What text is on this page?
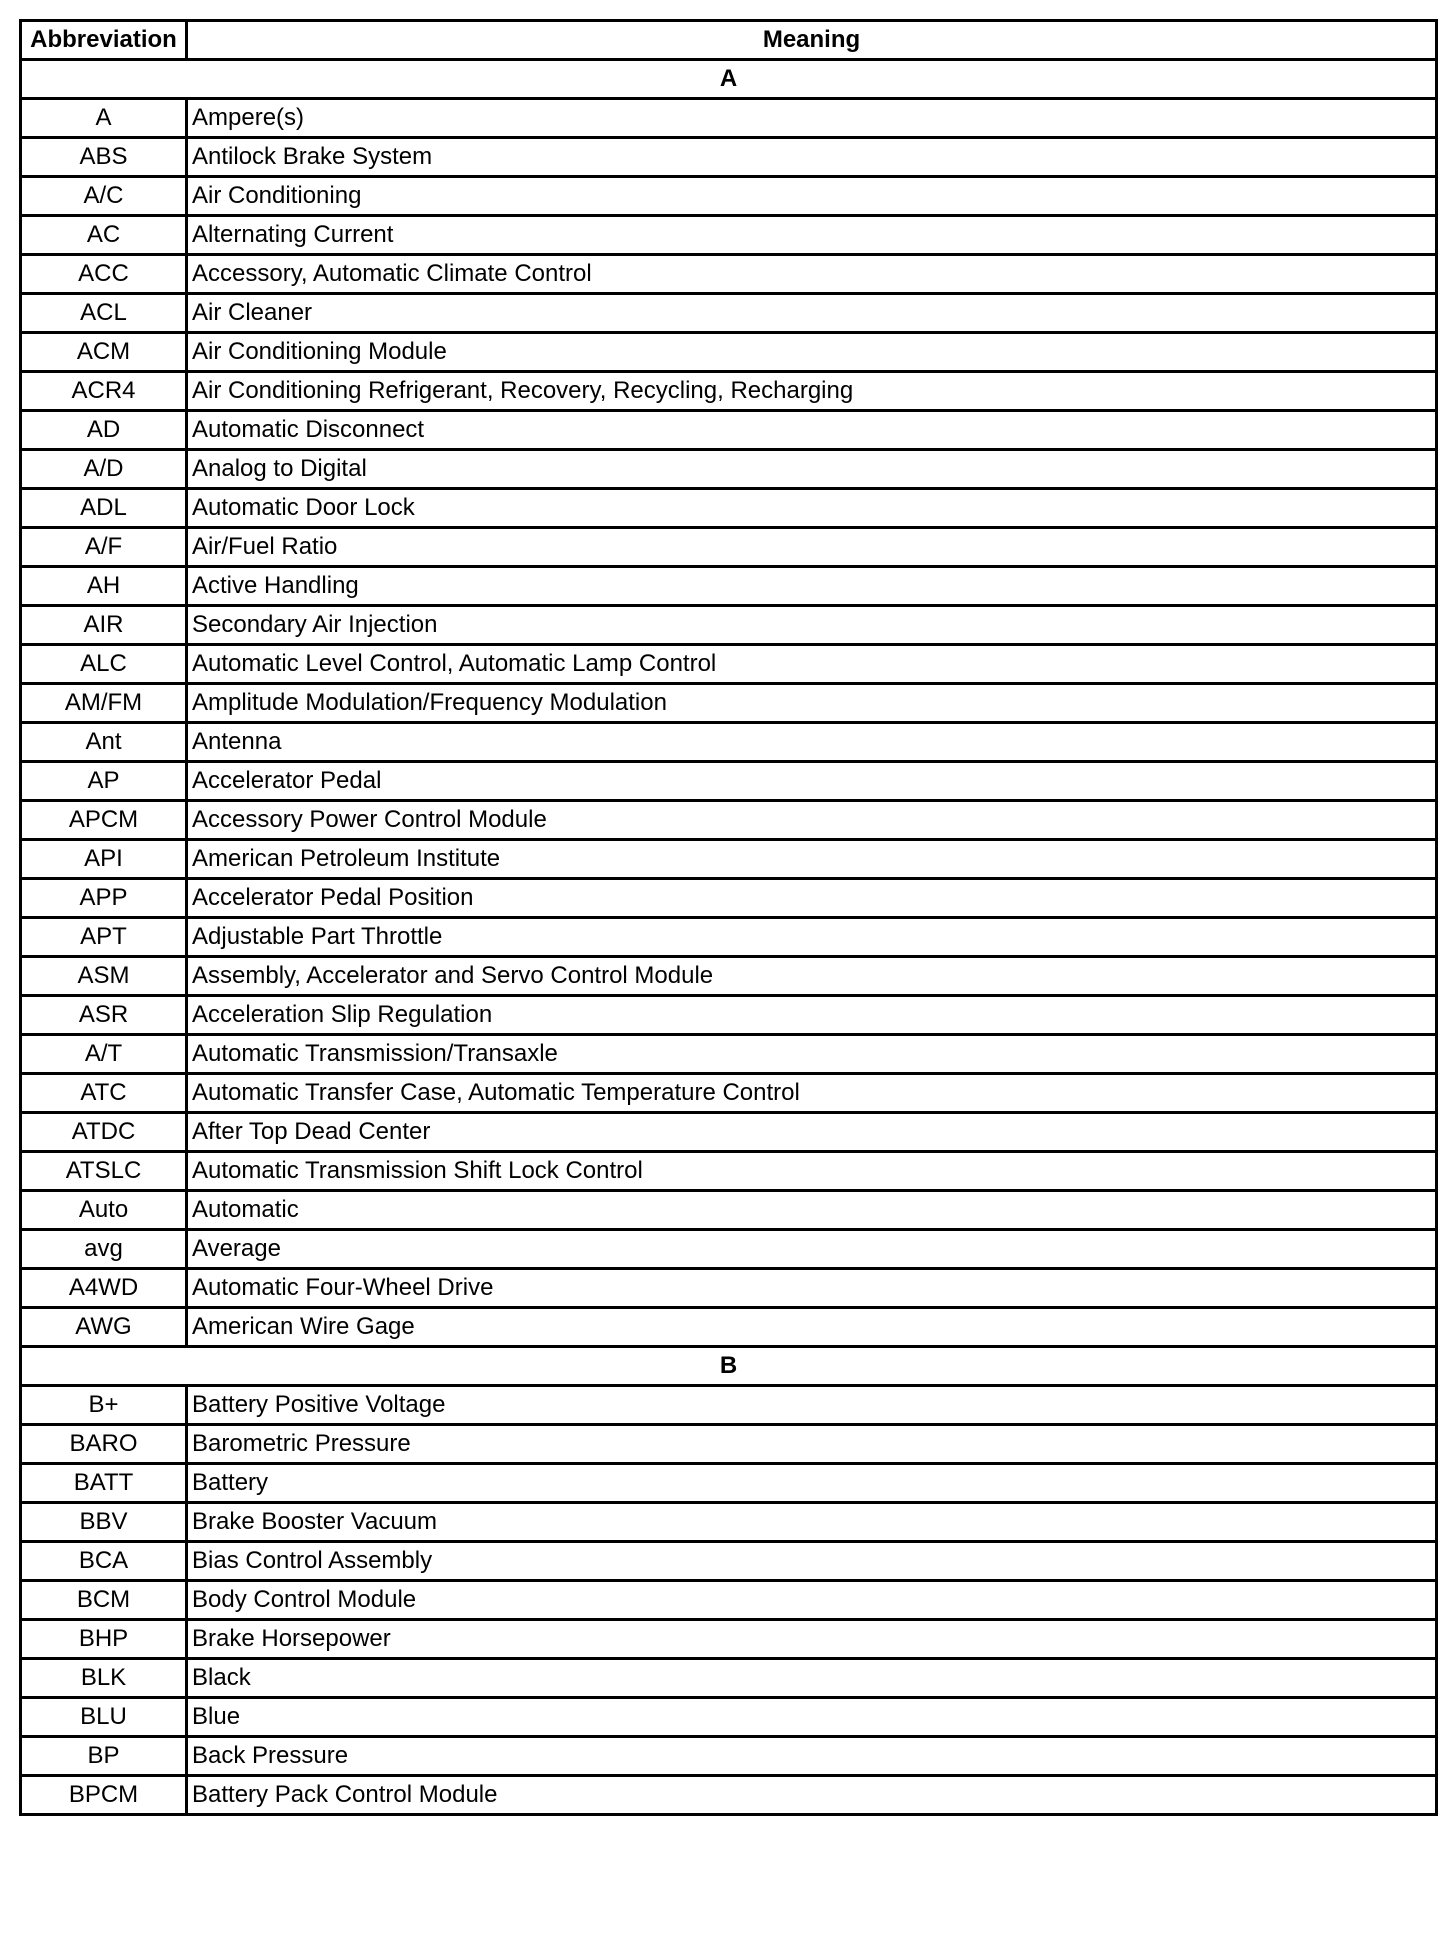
Abbreviation	Meaning
A	
A	Ampere(s)
ABS	Antilock Brake System
A/C	Air Conditioning
AC	Alternating Current
ACC	Accessory, Automatic Climate Control
ACL	Air Cleaner
ACM	Air Conditioning Module
ACR4	Air Conditioning Refrigerant, Recovery, Recycling, Recharging
AD	Automatic Disconnect
A/D	Analog to Digital
ADL	Automatic Door Lock
A/F	Air/Fuel Ratio
AH	Active Handling
AIR	Secondary Air Injection
ALC	Automatic Level Control, Automatic Lamp Control
AM/FM	Amplitude Modulation/Frequency Modulation
Ant	Antenna
AP	Accelerator Pedal
APCM	Accessory Power Control Module
API	American Petroleum Institute
APP	Accelerator Pedal Position
APT	Adjustable Part Throttle
ASM	Assembly, Accelerator and Servo Control Module
ASR	Acceleration Slip Regulation
A/T	Automatic Transmission/Transaxle
ATC	Automatic Transfer Case, Automatic Temperature Control
ATDC	After Top Dead Center
ATSLC	Automatic Transmission Shift Lock Control
Auto	Automatic
avg	Average
A4WD	Automatic Four-Wheel Drive
AWG	American Wire Gage
B	
B+	Battery Positive Voltage
BARO	Barometric Pressure
BATT	Battery
BBV	Brake Booster Vacuum
BCA	Bias Control Assembly
BCM	Body Control Module
BHP	Brake Horsepower
BLK	Black
BLU	Blue
BP	Back Pressure
BPCM	Battery Pack Control Module
